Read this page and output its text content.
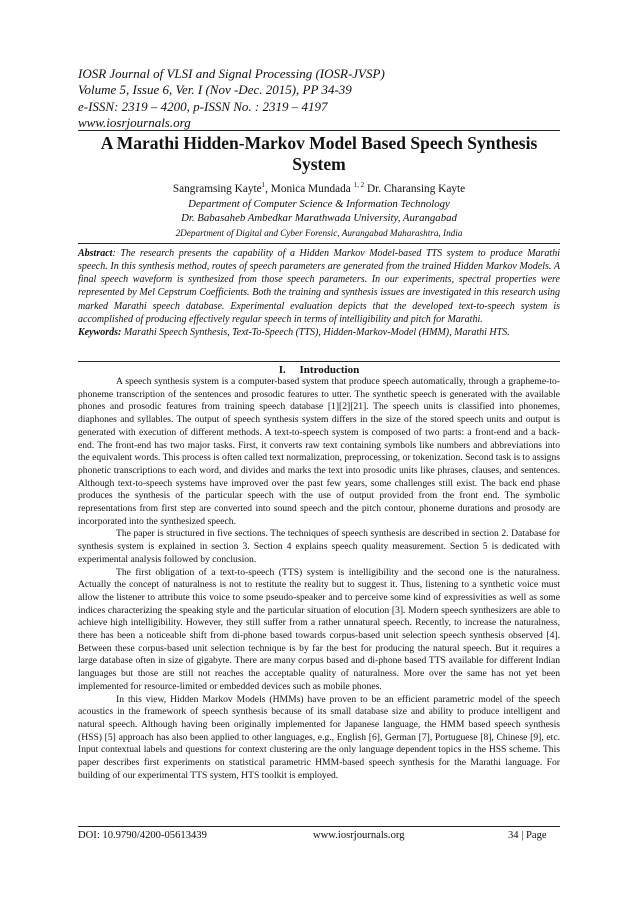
IOSR Journal of VLSI and Signal Processing (IOSR-JVSP)
Volume 5, Issue 6, Ver. I (Nov -Dec. 2015), PP 34-39
e-ISSN: 2319 – 4200, p-ISSN No. : 2319 – 4197
www.iosrjournals.org
A Marathi Hidden-Markov Model Based Speech Synthesis
System
Sangramsing Kayte$^1$, Monica Mundada $^{1, 2}$ Dr. Charansing Kayte
Department of Computer Science & Information Technology
Dr. Babasaheb Ambedkar Marathwada University, Aurangabad
2Department of Digital and Cyber Forensic, Aurangabad Maharashtra, India
Abstract: The research presents the capability of a Hidden Markov Model-based TTS system to produce Marathi speech. In this synthesis method, routes of speech parameters are generated from the trained Hidden Markov Models. A final speech waveform is synthesized from those speech parameters. In our experiments, spectral properties were represented by Mel Cepstrum Coefficients. Both the training and synthesis issues are investigated in this research using marked Marathi speech database. Experimental evaluation depicts that the developed text-to-speech system is accomplished of producing effectively regular speech in terms of intelligibility and pitch for Marathi.
Keywords: Marathi Speech Synthesis, Text-To-Speech (TTS), Hidden-Markov-Model (HMM), Marathi HTS.
I.     Introduction

A speech synthesis system is a computer-based system that produce speech automatically, through a grapheme-to-phoneme transcription of the sentences and prosodic features to utter. The synthetic speech is generated with the available phones and prosodic features from training speech database [1][2][21]. The speech units is classified into phonemes, diaphones and syllables. The output of speech synthesis system differs in the size of the stored speech units and output is generated with execution of different methods. A text-to-speech system is composed of two parts: a front-end and a back-end. The front-end has two major tasks. First, it converts raw text containing symbols like numbers and abbreviations into the equivalent words. This process is often called text normalization, preprocessing, or tokenization. Second task is to assigns phonetic transcriptions to each word, and divides and marks the text into prosodic units like phrases, clauses, and sentences. Although text-to-speech systems have improved over the past few years, some challenges still exist. The back end phase produces the synthesis of the particular speech with the use of output provided from the front end. The symbolic representations from first step are converted into sound speech and the pitch contour, phoneme durations and prosody are incorporated into the synthesized speech.

The paper is structured in five sections. The techniques of speech synthesis are described in section 2. Database for synthesis system is explained in section 3. Section 4 explains speech quality measurement. Section 5 is dedicated with experimental analysis followed by conclusion.

The first obligation of a text-to-speech (TTS) system is intelligibility and the second one is the naturalness. Actually the concept of naturalness is not to restitute the reality but to suggest it. Thus, listening to a synthetic voice must allow the listener to attribute this voice to some pseudo-speaker and to perceive some kind of expressivities as well as some indices characterizing the speaking style and the particular situation of elocution [3]. Modern speech synthesizers are able to achieve high intelligibility. However, they still suffer from a rather unnatural speech. Recently, to increase the naturalness, there has been a noticeable shift from di-phone based towards corpus-based unit selection speech synthesis observed [4]. Between these corpus-based unit selection technique is by far the best for producing the natural speech. But it requires a large database often in size of gigabyte. There are many corpus based and di-phone based TTS available for different Indian languages but those are still not reaches the acceptable quality of naturalness. More over the same has not yet been implemented for resource-limited or embedded devices such as mobile phones.

In this view, Hidden Markov Models (HMMs) have proven to be an efficient parametric model of the speech acoustics in the framework of speech synthesis because of its small database size and ability to produce intelligent and natural speech. Although having been originally implemented for Japanese language, the HMM based speech synthesis (HSS) [5] approach has also been applied to other languages, e.g., English [6], German [7], Portuguese [8], Chinese [9], etc. Input contextual labels and questions for context clustering are the only language dependent topics in the HSS scheme. This paper describes first experiments on statistical parametric HMM-based speech synthesis for the Marathi language. For building of our experimental TTS system, HTS toolkit is employed.

DOI: 10.9790/4200-05613439	www.iosrjournals.org	34 | Page
